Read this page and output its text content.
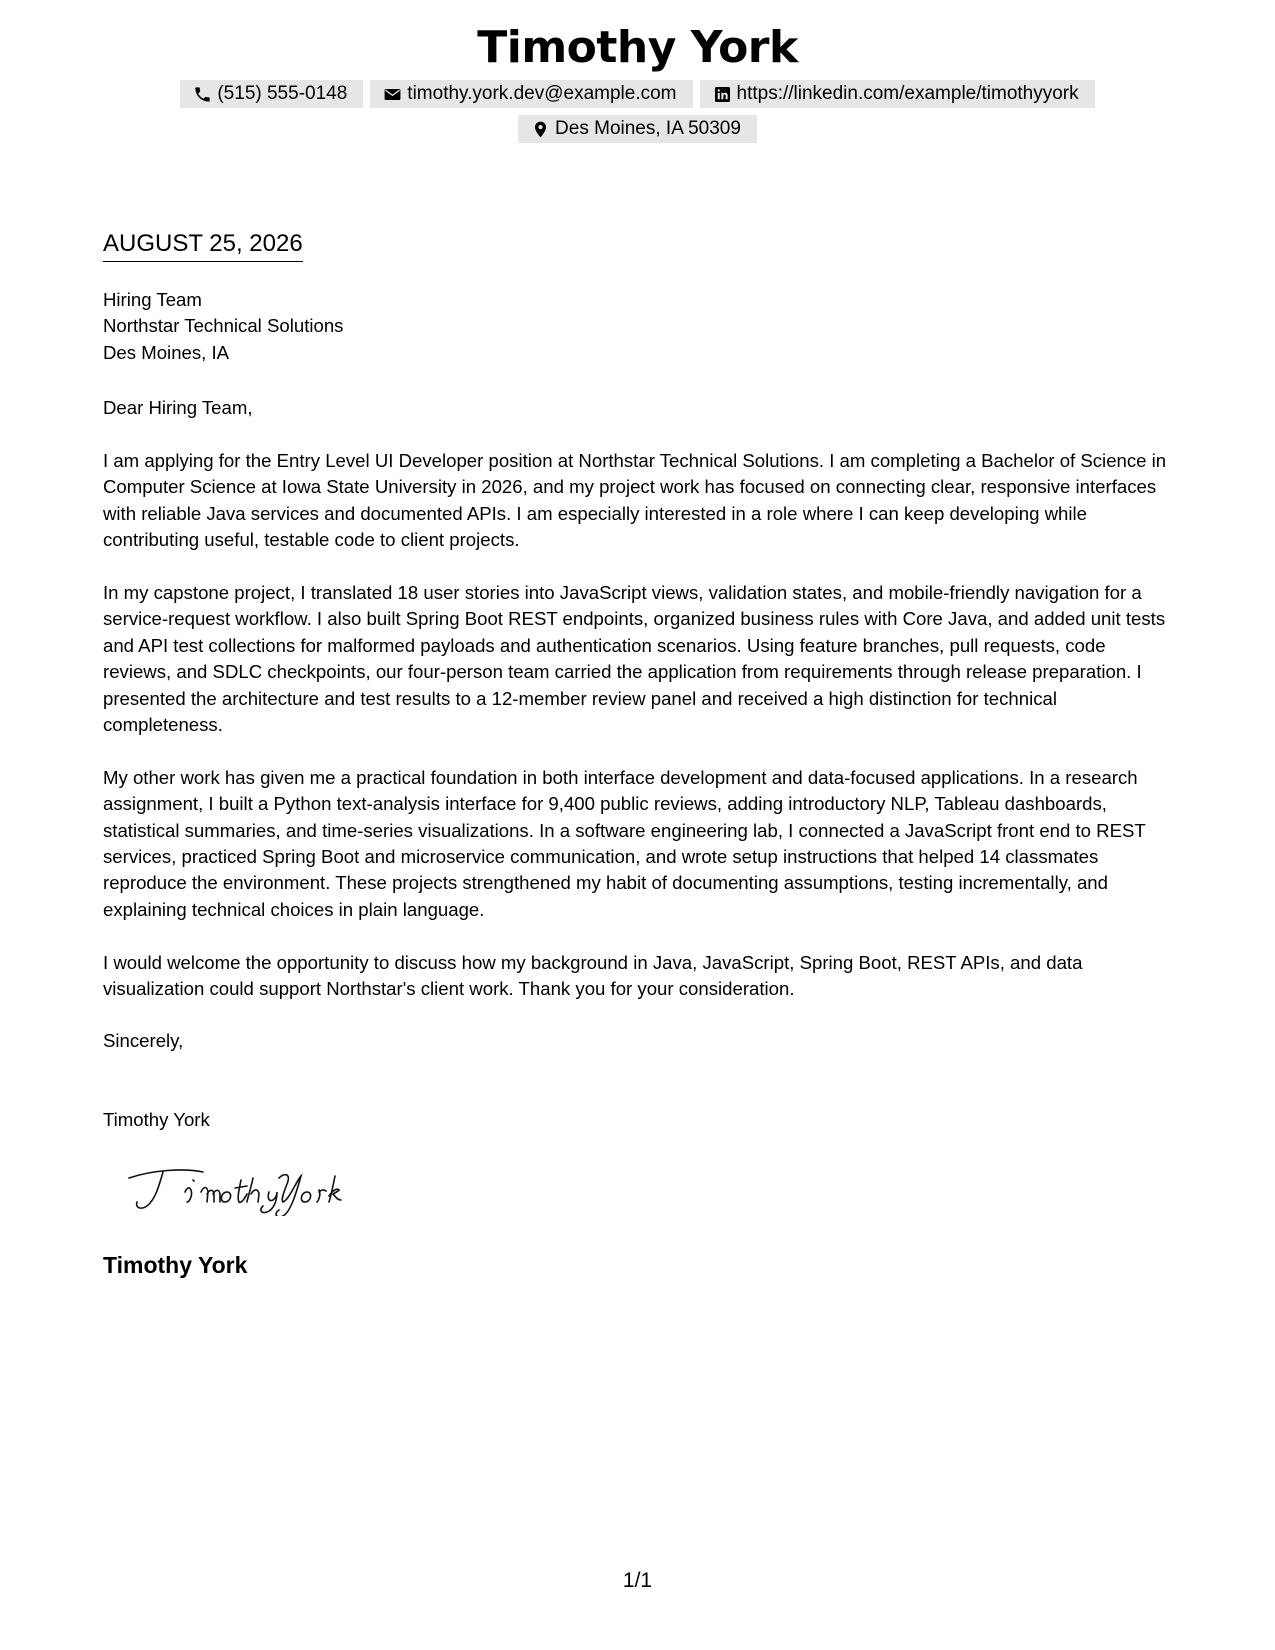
Timothy York
(515) 555-0148	timothy.york.dev@example.com	https://linkedin.com/example/timothyyork
Des Moines, IA 50309
AUGUST 25, 2026
Hiring Team
Northstar Technical Solutions
Des Moines, IA
Dear Hiring Team,

I am applying for the Entry Level UI Developer position at Northstar Technical Solutions. I am completing a Bachelor of Science in Computer Science at Iowa State University in 2026, and my project work has focused on connecting clear, responsive interfaces with reliable Java services and documented APIs. I am especially interested in a role where I can keep developing while contributing useful, testable code to client projects.

In my capstone project, I translated 18 user stories into JavaScript views, validation states, and mobile-friendly navigation for a service-request workflow. I also built Spring Boot REST endpoints, organized business rules with Core Java, and added unit tests and API test collections for malformed payloads and authentication scenarios. Using feature branches, pull requests, code reviews, and SDLC checkpoints, our four-person team carried the application from requirements through release preparation. I presented the architecture and test results to a 12-member review panel and received a high distinction for technical completeness.

My other work has given me a practical foundation in both interface development and data-focused applications. In a research assignment, I built a Python text-analysis interface for 9,400 public reviews, adding introductory NLP, Tableau dashboards, statistical summaries, and time-series visualizations. In a software engineering lab, I connected a JavaScript front end to REST services, practiced Spring Boot and microservice communication, and wrote setup instructions that helped 14 classmates reproduce the environment. These projects strengthened my habit of documenting assumptions, testing incrementally, and explaining technical choices in plain language.

I would welcome the opportunity to discuss how my background in Java, JavaScript, Spring Boot, REST APIs, and data visualization could support Northstar's client work. Thank you for your consideration.

Sincerely,
Timothy York
Timothy York
1/1
